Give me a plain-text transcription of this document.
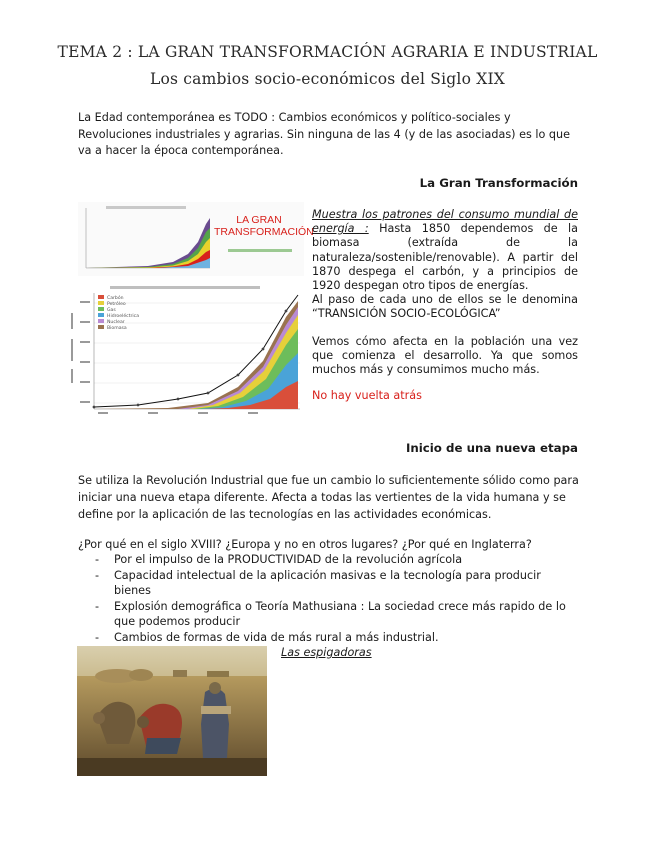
TEMA 2 : LA GRAN TRANSFORMACIÓN AGRARIA E INDUSTRIAL
Los cambios socio-económicos del Siglo XIX
La Edad contemporánea es TODO : Cambios económicos y político-sociales y Revoluciones industriales y agrarias. Sin ninguna de las 4 (y de las asociadas) es lo que va a hacer la época contemporánea.
La Gran Transformación
LA GRAN
TRANSFORMACIÓN
Carbón
Petróleo
Gas
Hidroeléctrica
Nuclear
Biomasa

Muestra los patrones del consumo mundial de energía : Hasta 1850 dependemos de la biomasa (extraída de la naturaleza/sostenible/renovable). A partir del 1870 despega el carbón, y a principios de 1920 despegan otro tipos de energías.

Al paso de cada uno de ellos se le denomina “TRANSICIÓN SOCIO-ECOLÓGICA”

Vemos cómo afecta en la población una vez que comienza el desarrollo. Ya que somos muchos más y consumimos mucho más.

No hay vuelta atrás

Inicio de una nueva etapa
Se utiliza la Revolución Industrial que fue un cambio lo suficientemente sólido como para iniciar una nueva etapa diferente. Afecta a todas las vertientes de la vida humana y se define por la aplicación de las tecnologías en las actividades económicas.
¿Por qué en el siglo XVIII? ¿Europa y no en otros lugares? ¿Por qué en Inglaterra?
- Por el impulso de la PRODUCTIVIDAD de la revolución agrícola
- Capacidad intelectual de la aplicación masivas e la tecnología para producir bienes
- Explosión demográfica o Teoría Mathusiana : La sociedad crece más rapido de lo que podemos producir
- Cambios de formas de vida de más rural a más industrial.
Las espigadoras
